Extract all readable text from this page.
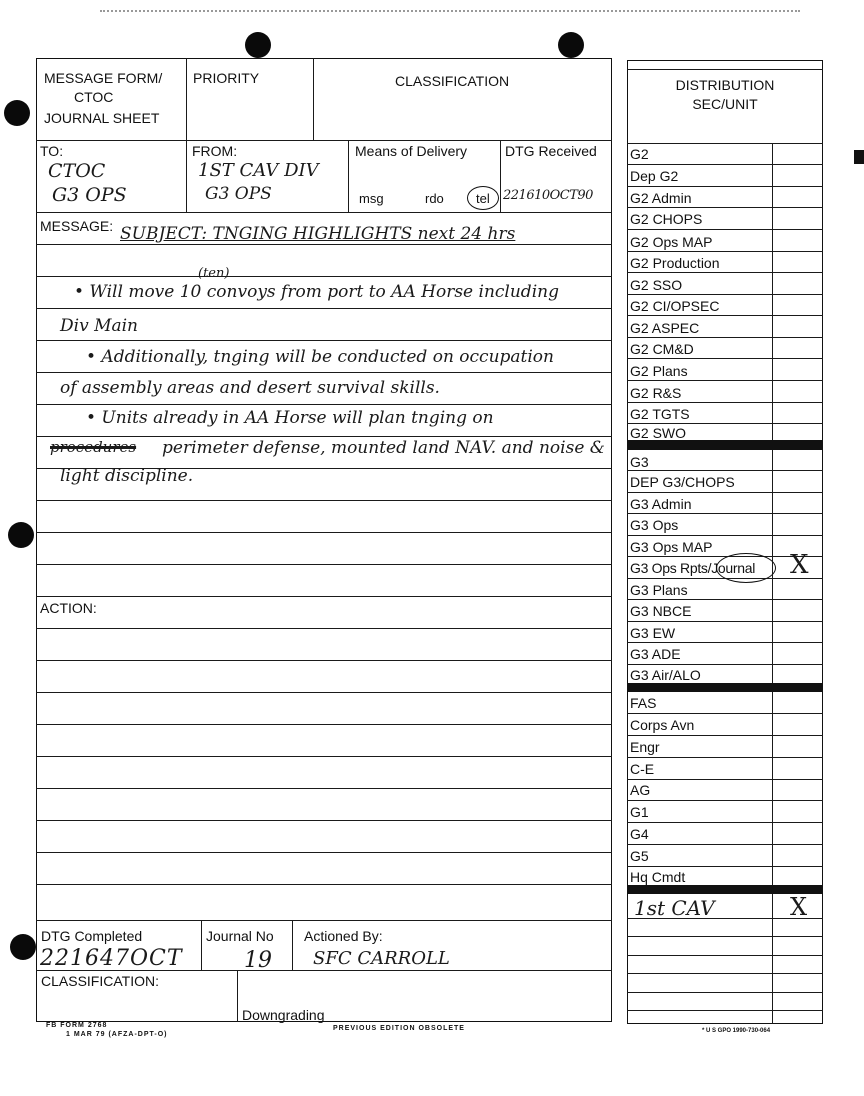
MESSAGE FORM/
CTOC
JOURNAL SHEET
PRIORITY	CLASSIFICATION
TO:
CTOC
G3 OPS
FROM:
1ST CAV DIV
G3 OPS
Means of Delivery
msg	rdo tel
DTG Received
221610OCT90
MESSAGE: SUBJECT: TNGING HIGHLIGHTS next 24 hrs
(ten)
• Will move 10 convoys from port to AA Horse including
Div Main
• Additionally, tnging will be conducted on occupation
of assembly areas and desert survival skills.
• Units already in AA Horse will plan tnging on
procedures perimeter defense, mounted land NAV. and noise &
light discipline.
ACTION:
DTG Completed
221647OCT
Journal No
19
Actioned By:
SFC CARROLL
CLASSIFICATION:
Downgrading
FB FORM 2768
1 MAR 79 (AFZA-DPT-O)
PREVIOUS EDITION OBSOLETE
DISTRIBUTION
SEC/UNIT
G2
Dep G2
G2 Admin
G2 CHOPS
G2 Ops MAP
G2 Production
G2 SSO
G2 CI/OPSEC
G2 ASPEC
G2 CM&D
G2 Plans
G2 R&S
G2 TGTS
G2 SWO
G3
DEP G3/CHOPS
G3 Admin
G3 Ops
G3 Ops MAP
G3 Ops Rpts/Journal X
G3 Plans
G3 NBCE
G3 EW
G3 ADE
G3 Air/ALO
FAS
Corps Avn
Engr
C-E
AG
G1
G4
G5
Hq Cmdt
1st CAV	X
* U S GPO 1990-730-064
